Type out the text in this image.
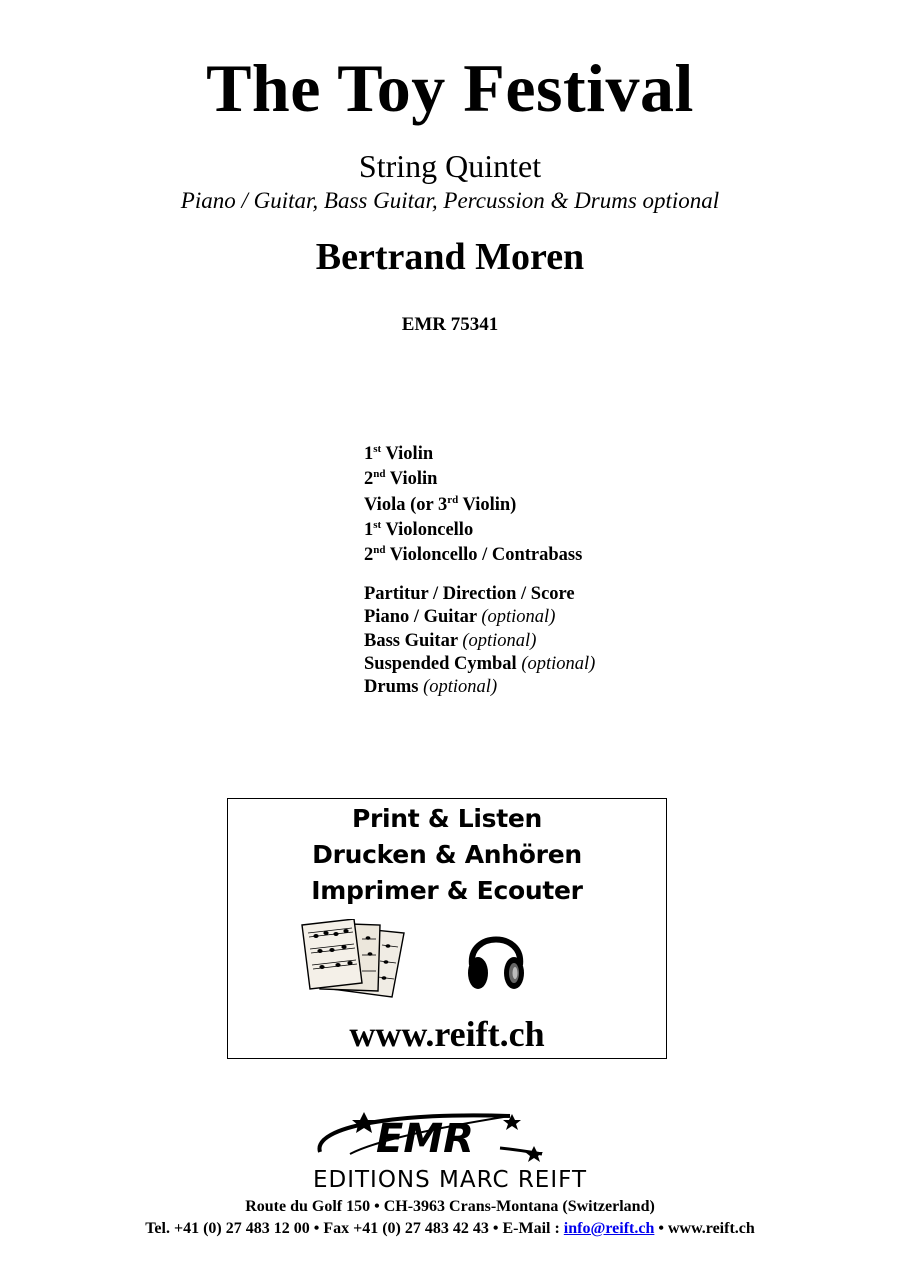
The Toy Festival
String Quintet
Piano / Guitar, Bass Guitar, Percussion & Drums optional
Bertrand Moren
EMR 75341
1st Violin
2nd Violin
Viola (or 3rd Violin)
1st Violoncello
2nd Violoncello / Contrabass
Partitur / Direction / Score
Piano / Guitar (optional)
Bass Guitar (optional)
Suspended Cymbal (optional)
Drums (optional)
Print & Listen
Drucken & Anhören
Imprimer & Ecouter
www.reift.ch
EMR
EDITIONS MARC REIFT
Route du Golf 150 • CH-3963 Crans-Montana (Switzerland)
Tel. +41 (0) 27 483 12 00 • Fax +41 (0) 27 483 42 43 • E-Mail : info@reift.ch • www.reift.ch
